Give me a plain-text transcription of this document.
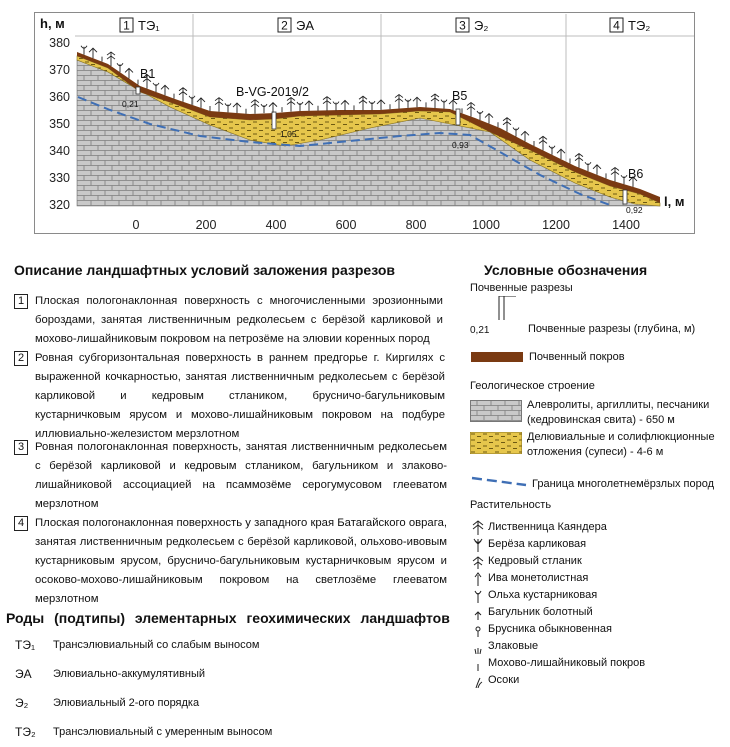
h, м
l, м
370
360
350
340
330
320
380
0	200	400	600	800	1000	1200	1400
1 ТЭ₁	2 ЭА	3 Э₂	4 ТЭ₂
B1
0,21
B-VG-2019/2
1,05
B5
0,93
B6
0,92
Описание ландшафтных условий заложения разрезов
1 Плоская пологонаклонная поверхность с многочисленными эрозионными бороздами, занятая лиственничным редколесьем с берёзой карликовой и мохово-лишайниковым покровом на петрозёме на элювии коренных пород
2 Ровная субгоризонтальная поверхность в раннем предгорье г. Киргилях с выраженной кочкарностью, занятая лиственничным редколесьем с берёзой карликовой и кедровым стлаником, брусничо-багульниковым кустарничковым ярусом и мохово-лишайниковым покровом на подбуре иллювиально-железистом мерзлотном
3 Ровная пологонаклонная поверхность, занятая лиственничным редколесьем с берёзой карликовой и кедровым стлаником, багульником и злаково-лишайниковой ассоциацией на псаммозёме серогумусовом глееватом мерзлотном
4 Плоская пологонаклонная поверхность у западного края Батагайского оврага, занятая лиственничным редколесьем с берёзой карликовой, ольхово-ивовым кустарниковым ярусом, брусничо-багульниковым кустарничковым ярусом и осоково-мохово-лишайниковым покровом на светлозёме глееватом мерзлотном
Роды (подтипы) элементарных геохимических ландшафтов
ТЭ₁ Трансэлювиальный со слабым выносом
ЭА Элювиально-аккумулятивный
Э₂ Элювиальный 2-ого порядка
ТЭ₂ Трансэлювиальный с умеренным выносом
Условные обозначения
Почвенные разрезы
0,21	Почвенные разрезы (глубина, м)
Почвенный покров
Геологическое строение
Алевролиты, аргиллиты, песчаники (кедровинская свита) - 650 м
Делювиальные и солифлюкционные отложения (супеси) - 4-6 м
Граница многолетнемёрзлых пород
Растительность
Лиственница Каяндера
Берёза карликовая
Кедровый стланик
Ива монетолистная
Ольха кустарниковая
Багульник болотный
Брусника обыкновенная
Злаковые
Мохово-лишайниковый покров
Осоки
